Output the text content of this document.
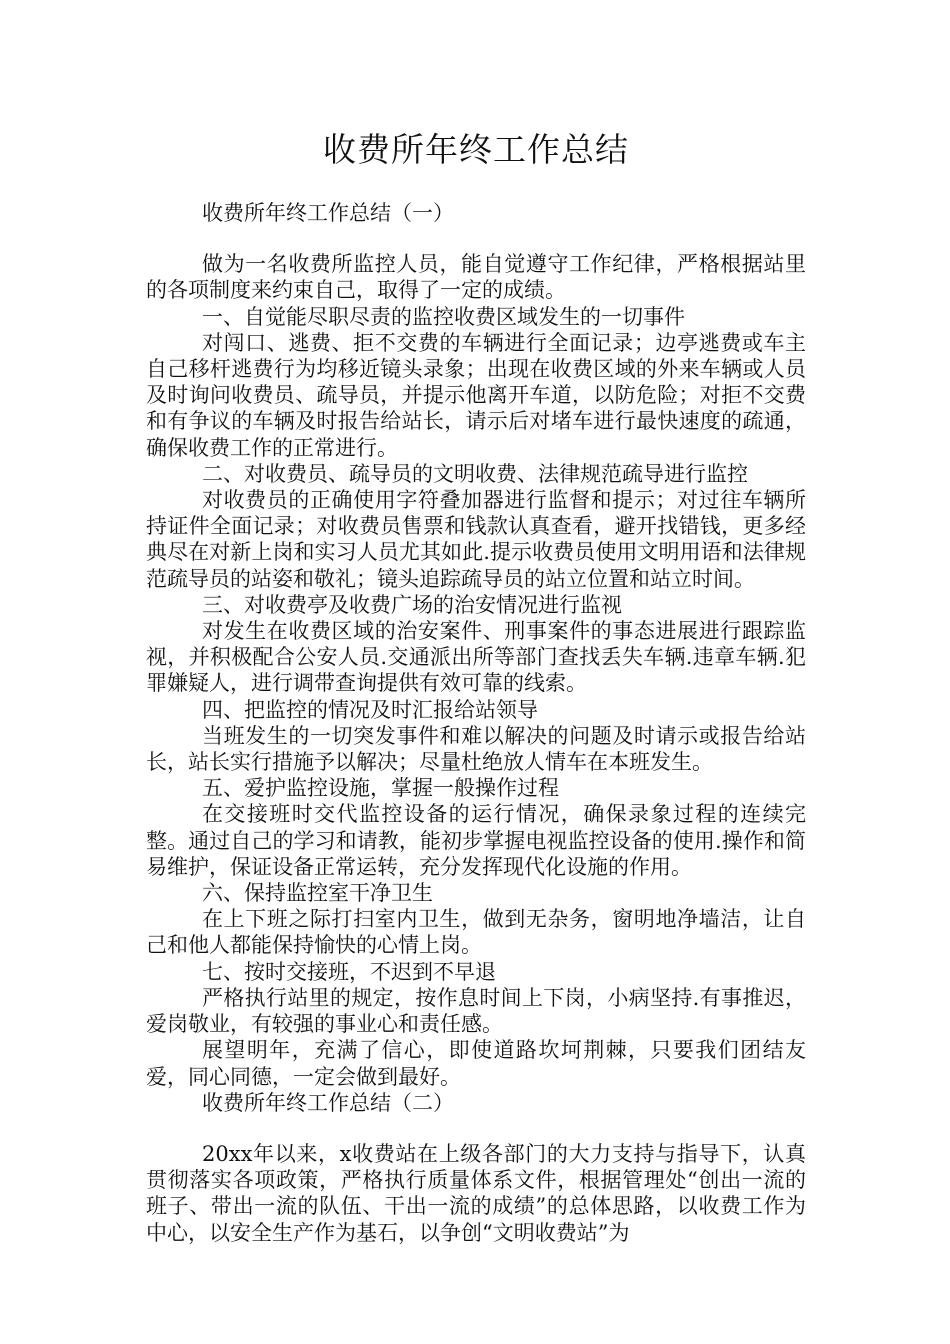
收费所年终工作总结

收费所年终工作总结（一）

做为一名收费所监控人员，能自觉遵守工作纪律，严格根据站里的各项制度来约束自己，取得了一定的成绩。

一、自觉能尽职尽责的监控收费区域发生的一切事件

对闯口、逃费、拒不交费的车辆进行全面记录；边亭逃费或车主自己移杆逃费行为均移近镜头录象；出现在收费区域的外来车辆或人员及时询问收费员、疏导员，并提示他离开车道，以防危险；对拒不交费和有争议的车辆及时报告给站长，请示后对堵车进行最快速度的疏通，确保收费工作的正常进行。

二、对收费员、疏导员的文明收费、法律规范疏导进行监控

对收费员的正确使用字符叠加器进行监督和提示；对过往车辆所持证件全面记录；对收费员售票和钱款认真查看，避开找错钱，更多经典尽在对新上岗和实习人员尤其如此.提示收费员使用文明用语和法律规范疏导员的站姿和敬礼；镜头追踪疏导员的站立位置和站立时间。

三、对收费亭及收费广场的治安情况进行监视

对发生在收费区域的治安案件、刑事案件的事态进展进行跟踪监视，并积极配合公安人员.交通派出所等部门查找丢失车辆.违章车辆.犯罪嫌疑人，进行调带查询提供有效可靠的线索。

四、把监控的情况及时汇报给站领导

当班发生的一切突发事件和难以解决的问题及时请示或报告给站长，站长实行措施予以解决；尽量杜绝放人情车在本班发生。

五、爱护监控设施，掌握一般操作过程

在交接班时交代监控设备的运行情况，确保录象过程的连续完整。通过自己的学习和请教，能初步掌握电视监控设备的使用.操作和简易维护，保证设备正常运转，充分发挥现代化设施的作用。

六、保持监控室干净卫生

在上下班之际打扫室内卫生，做到无杂务，窗明地净墙洁，让自己和他人都能保持愉快的心情上岗。

七、按时交接班，不迟到不早退

严格执行站里的规定，按作息时间上下岗，小病坚持.有事推迟，爱岗敬业，有较强的事业心和责任感。

展望明年，充满了信心，即使道路坎坷荆棘，只要我们团结友爱，同心同德，一定会做到最好。

收费所年终工作总结（二）

20xx年以来，x收费站在上级各部门的大力支持与指导下，认真贯彻落实各项政策，严格执行质量体系文件，根据管理处“创出一流的班子、带出一流的队伍、干出一流的成绩”的总体思路，以收费工作为中心，以安全生产作为基石，以争创“文明收费站”为
